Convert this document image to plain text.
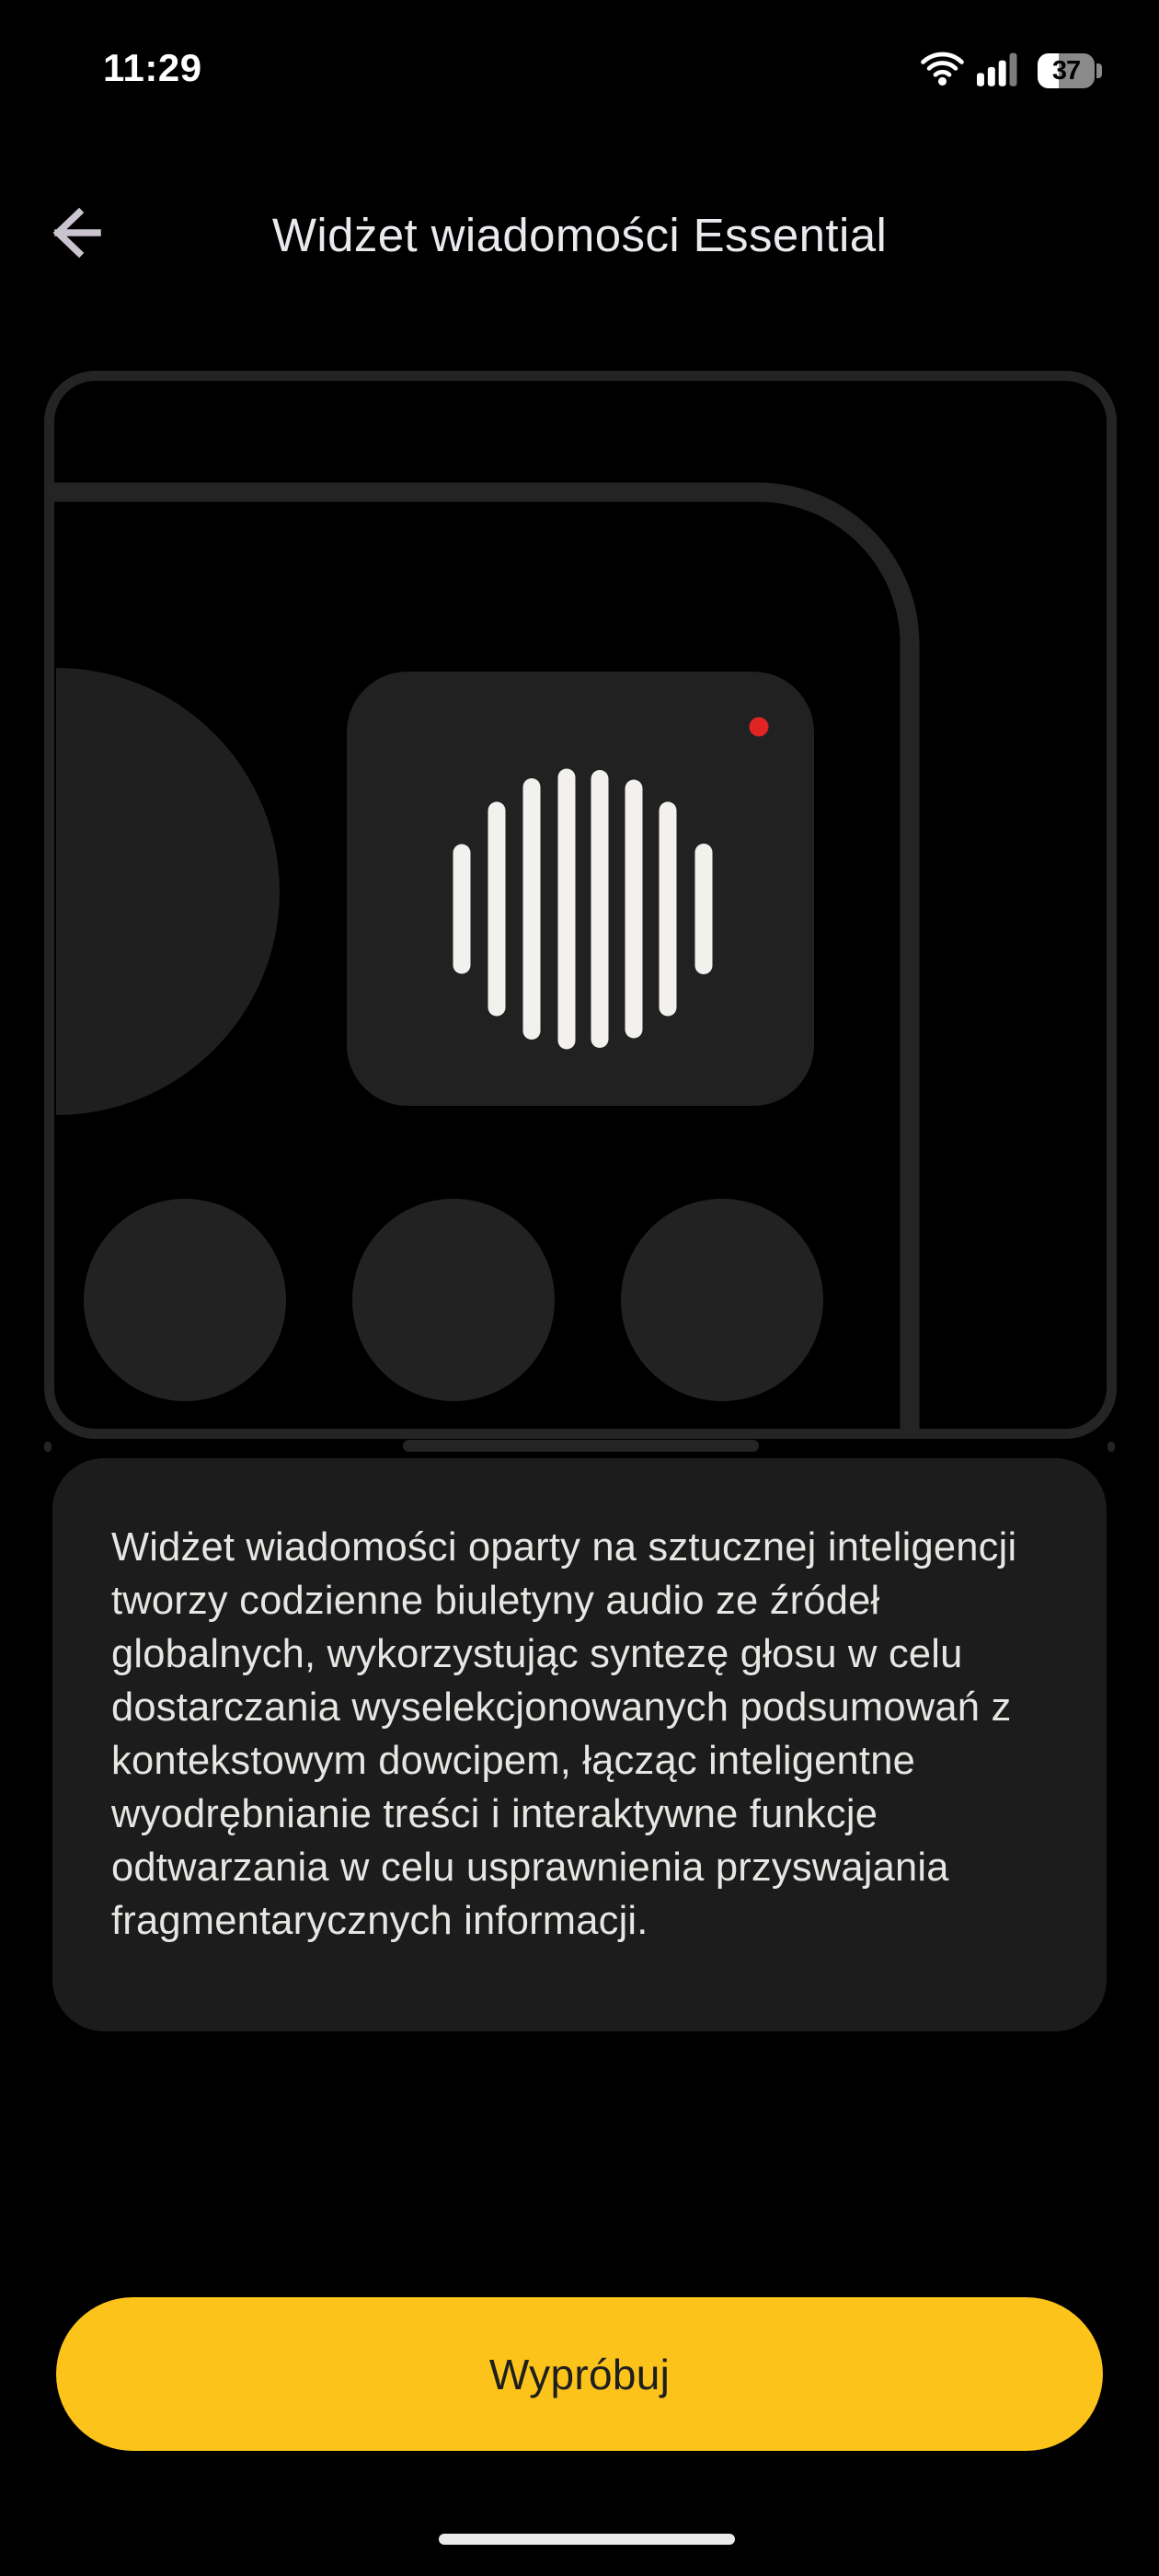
11:29	37
Widżet wiadomości Essential
Widżet wiadomości oparty na sztucznej inteligencji tworzy codzienne biuletyny audio ze źródeł globalnych, wykorzystując syntezę głosu w celu dostarczania wyselekcjonowanych podsumowań z kontekstowym dowcipem, łącząc inteligentne wyodrębnianie treści i interaktywne funkcje odtwarzania w celu usprawnienia przyswajania fragmentarycznych informacji.
Wypróbuj
